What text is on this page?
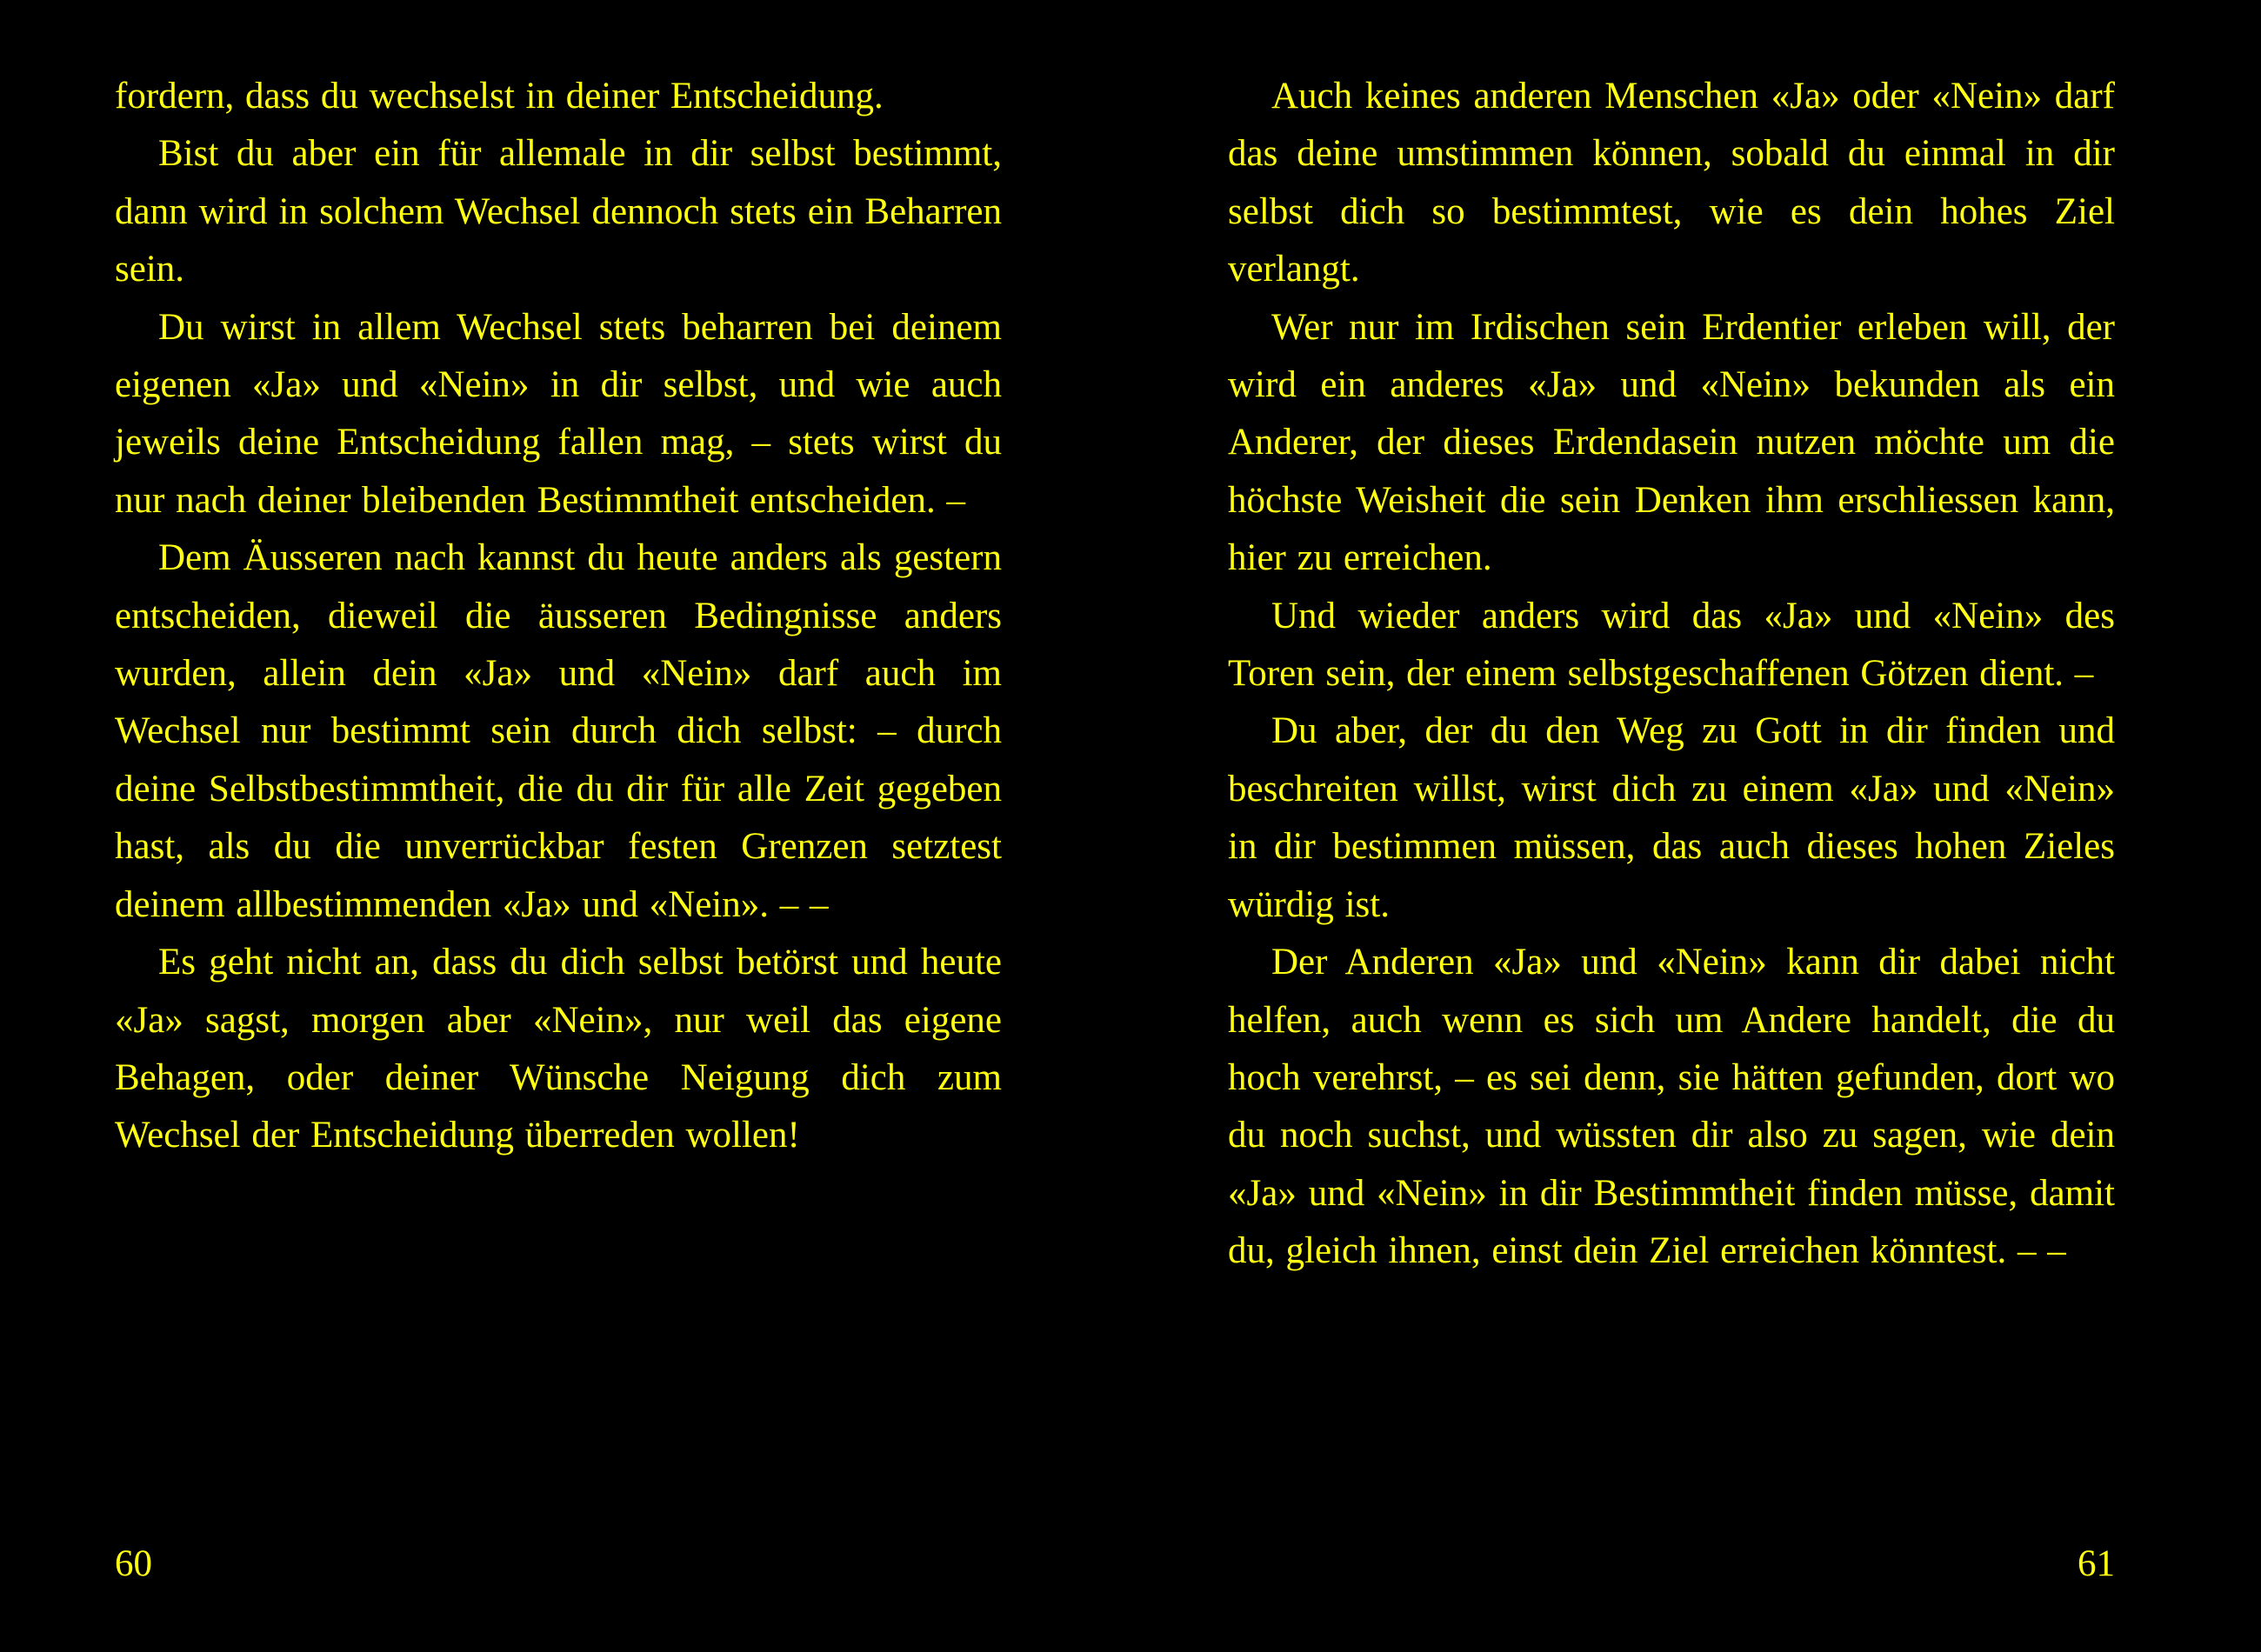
fordern, dass du wechselst in deiner Entscheidung.

Bist du aber ein für allemale in dir selbst bestimmt, dann wird in solchem Wechsel dennoch stets ein Beharren sein.

Du wirst in allem Wechsel stets beharren bei deinem eigenen «Ja» und «Nein» in dir selbst, und wie auch jeweils deine Entscheidung fallen mag, – stets wirst du nur nach deiner bleibenden Bestimmtheit entscheiden. –

Dem Äusseren nach kannst du heute anders als gestern entscheiden, dieweil die äusseren Bedingnisse anders wurden, allein dein «Ja» und «Nein» darf auch im Wechsel nur bestimmt sein durch dich selbst: – durch deine Selbstbestimmtheit, die du dir für alle Zeit gegeben hast, als du die unverrückbar festen Grenzen setztest deinem allbestimmenden «Ja» und «Nein». – –

Es geht nicht an, dass du dich selbst betörst und heute «Ja» sagst, morgen aber «Nein», nur weil das eigene Behagen, oder deiner Wünsche Neigung dich zum Wechsel der Entscheidung überreden wollen!

60

Auch keines anderen Menschen «Ja» oder «Nein» darf das deine umstimmen können, sobald du einmal in dir selbst dich so bestimmtest, wie es dein hohes Ziel verlangt.

Wer nur im Irdischen sein Erdentier erleben will, der wird ein anderes «Ja» und «Nein» bekunden als ein Anderer, der dieses Erdendasein nutzen möchte um die höchste Weisheit die sein Denken ihm erschliessen kann, hier zu erreichen.

Und wieder anders wird das «Ja» und «Nein» des Toren sein, der einem selbstgeschaffenen Götzen dient. –

Du aber, der du den Weg zu Gott in dir finden und beschreiten willst, wirst dich zu einem «Ja» und «Nein» in dir bestimmen müssen, das auch dieses hohen Zieles würdig ist.

Der Anderen «Ja» und «Nein» kann dir dabei nicht helfen, auch wenn es sich um Andere handelt, die du hoch verehrst, – es sei denn, sie hätten gefunden, dort wo du noch suchst, und wüssten dir also zu sagen, wie dein «Ja» und «Nein» in dir Bestimmtheit finden müsse, damit du, gleich ihnen, einst dein Ziel erreichen könntest. – –

61
